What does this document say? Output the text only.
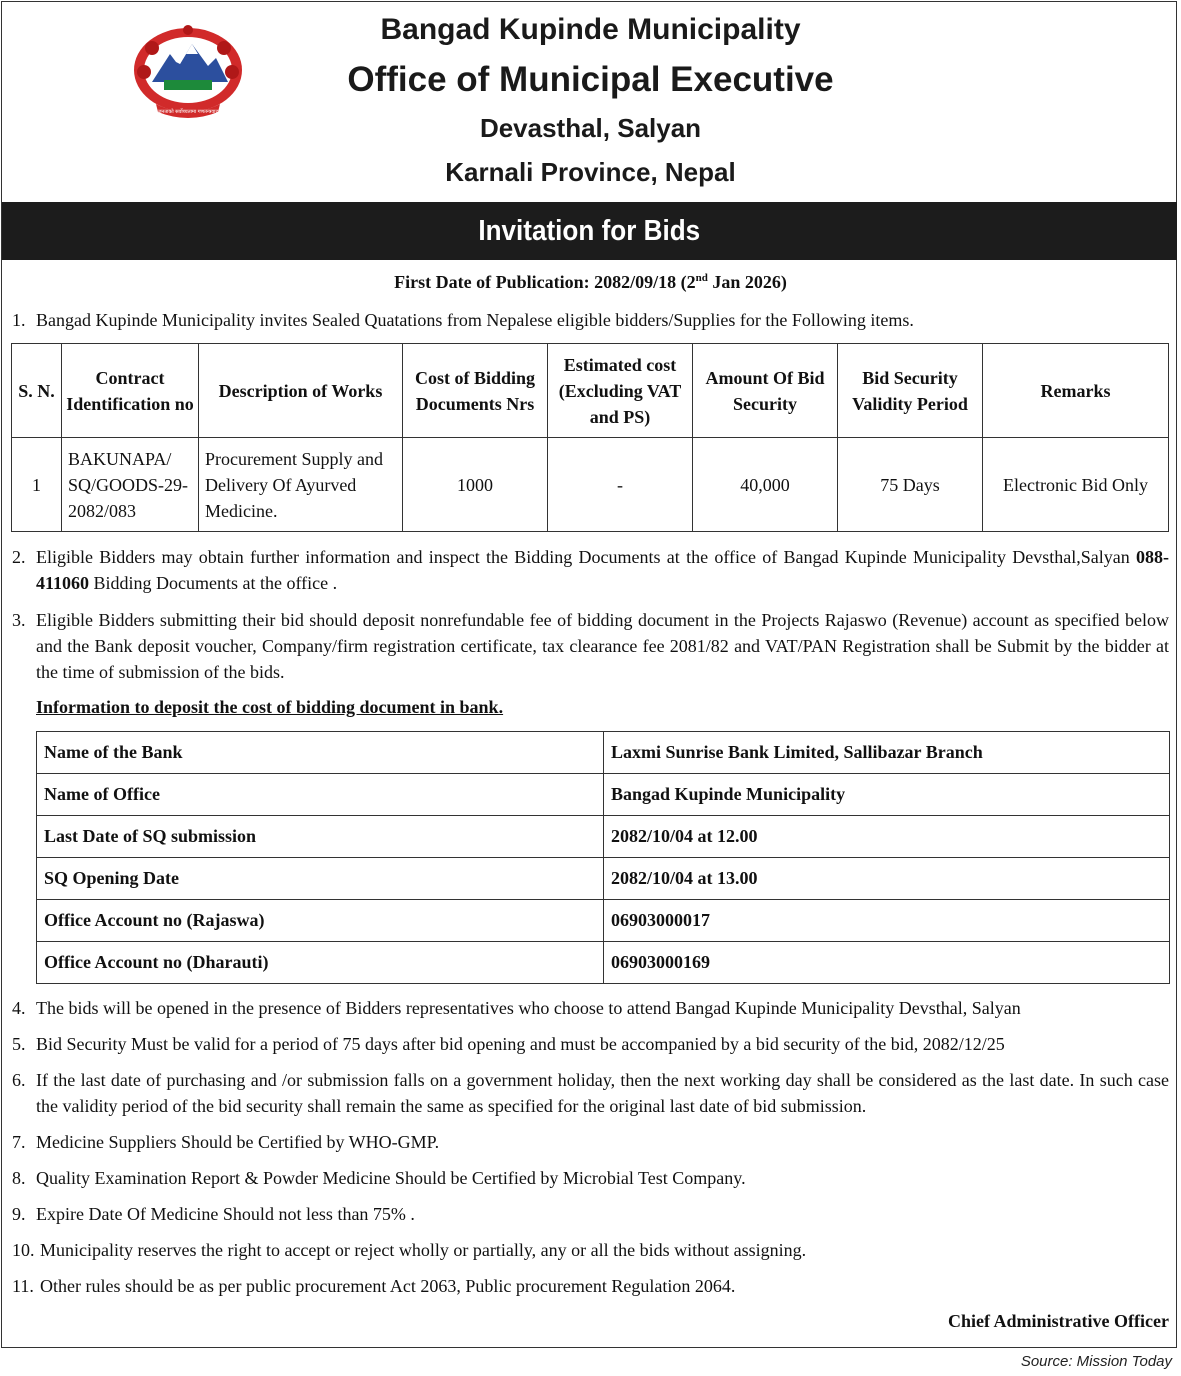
जनताको सर्वोच्चतामा गणतन्त्रवाद
Bangad Kupinde Municipality
Office of Municipal Executive
Devasthal, Salyan
Karnali Province, Nepal
Invitation for Bids
First Date of Publication: 2082/09/18 (2nd Jan 2026)
1. Bangad Kupinde Municipality invites Sealed Quatations from Nepalese eligible bidders/Supplies for the Following items.
S. N.	Contract Identification no	Description of Works	Cost of Bidding Documents Nrs	Estimated cost (Excluding VAT and PS)	Amount Of Bid Security	Bid Security Validity Period	Remarks
1	BAKUNAPA/ SQ/GOODS-29-2082/083	Procurement Supply and Delivery Of Ayurved Medicine.	1000	-	40,000	75 Days	Electronic Bid Only
2. Eligible Bidders may obtain further information and inspect the Bidding Documents at the office of Bangad Kupinde Municipality Devsthal,Salyan 088-411060 Bidding Documents at the office .
3. Eligible Bidders submitting their bid should deposit nonrefundable fee of bidding document in the Projects Rajaswo (Revenue) account as specified below and the Bank deposit voucher, Company/firm registration certificate, tax clearance fee 2081/82 and VAT/PAN Registration shall be Submit by the bidder at the time of submission of the bids.
Information to deposit the cost of bidding document in bank.
Name of the Bank	Laxmi Sunrise Bank Limited, Sallibazar Branch
Name of Office	Bangad Kupinde Municipality
Last Date of SQ submission	2082/10/04 at 12.00
SQ Opening Date	2082/10/04 at 13.00
Office Account no (Rajaswa)	06903000017
Office Account no (Dharauti)	06903000169
4. The bids will be opened in the presence of Bidders representatives who choose to attend Bangad Kupinde Municipality Devsthal, Salyan
5. Bid Security Must be valid for a period of 75 days after bid opening and must be accompanied by a bid security of the bid, 2082/12/25
6. If the last date of purchasing and /or submission falls on a government holiday, then the next working day shall be considered as the last date. In such case the validity period of the bid security shall remain the same as specified for the original last date of bid submission.
7. Medicine Suppliers Should be Certified by WHO-GMP.
8. Quality Examination Report & Powder Medicine Should be Certified by Microbial Test Company.
9. Expire Date Of Medicine Should not less than 75% .
10. Municipality reserves the right to accept or reject wholly or partially, any or all the bids without assigning.
11. Other rules should be as per public procurement Act 2063, Public procurement Regulation 2064.
Chief Administrative Officer
Source: Mission Today
